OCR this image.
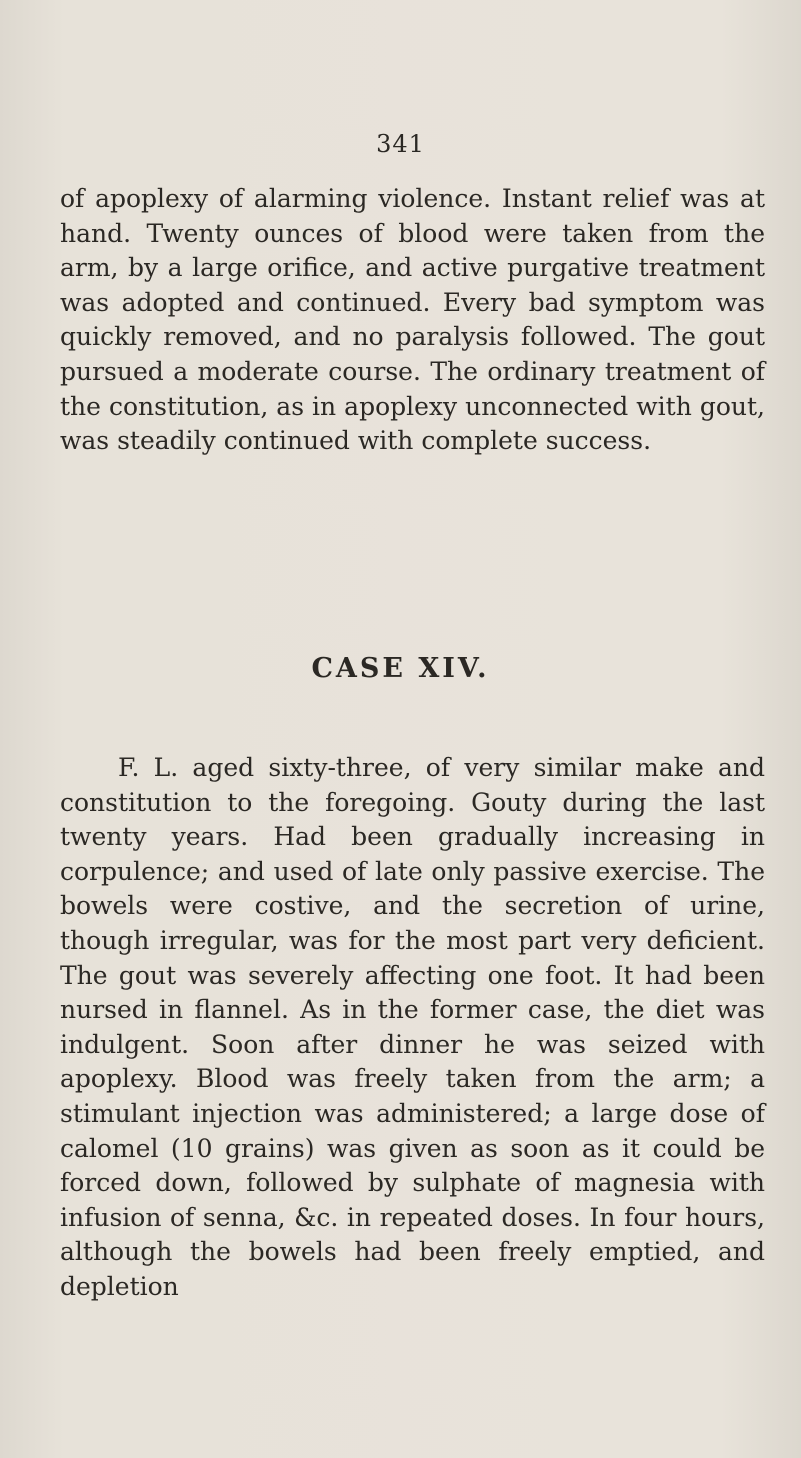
341

of apoplexy of alarming violence. Instant relief was at hand. Twenty ounces of blood were taken from the arm, by a large orifice, and active purgative treatment was adopted and continued. Every bad symptom was quickly removed, and no paralysis followed. The gout pursued a moderate course. The ordinary treatment of the constitution, as in apoplexy unconnected with gout, was steadily continued with complete success.

CASE XIV.

F. L. aged sixty-three, of very similar make and constitution to the foregoing. Gouty during the last twenty years. Had been gradually increasing in corpulence; and used of late only passive exercise. The bowels were costive, and the secretion of urine, though irregular, was for the most part very deficient. The gout was severely affecting one foot. It had been nursed in flannel. As in the former case, the diet was indulgent. Soon after dinner he was seized with apoplexy. Blood was freely taken from the arm; a stimulant injection was administered; a large dose of calomel (10 grains) was given as soon as it could be forced down, followed by sulphate of magnesia with infusion of senna, &c. in repeated doses. In four hours, although the bowels had been freely emptied, and depletion
